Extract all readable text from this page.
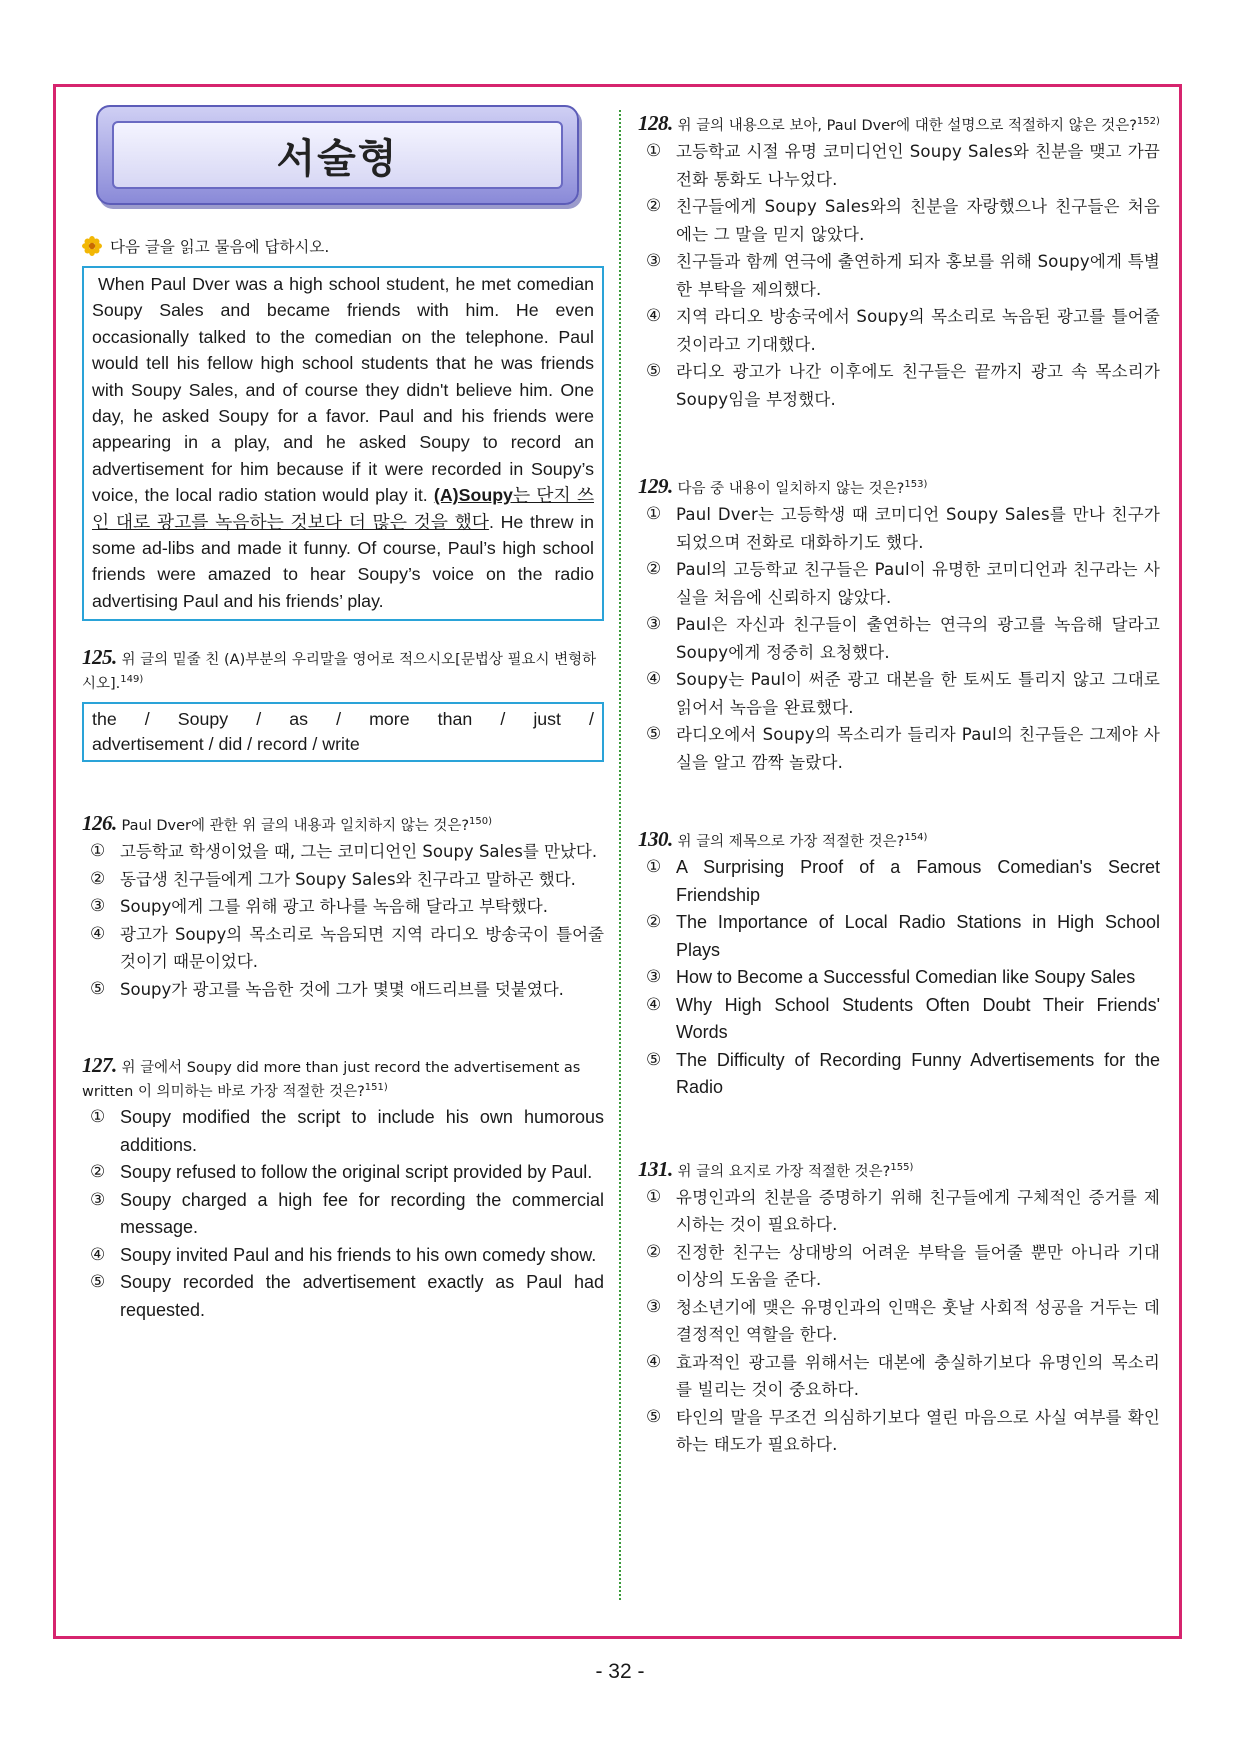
서술형
다음 글을 읽고 물음에 답하시오.
When Paul Dver was a high school student, he met comedian Soupy Sales and became friends with him. He even occasionally talked to the comedian on the telephone. Paul would tell his fellow high school students that he was friends with Soupy Sales, and of course they didn't believe him. One day, he asked Soupy for a favor. Paul and his friends were appearing in a play, and he asked Soupy to record an advertisement for him because if it were recorded in Soupy’s voice, the local radio station would play it. (A)Soupy는 단지 쓰인 대로 광고를 녹음하는 것보다 더 많은 것을 했다. He threw in some ad-libs and made it funny. Of course, Paul’s high school friends were amazed to hear Soupy’s voice on the radio advertising Paul and his friends’ play.
125. 위 글의 밑줄 친 (A)부분의 우리말을 영어로 적으시오[문법상 필요시 변형하시오].$^{149)}$
the / Soupy / as / more than / just /
advertisement / did / record / write
126. Paul Dver에 관한 위 글의 내용과 일치하지 않는 것은?$^{150)}$
① 고등학교 학생이었을 때, 그는 코미디언인 Soupy Sales를 만났다.
② 동급생 친구들에게 그가 Soupy Sales와 친구라고 말하곤 했다.
③ Soupy에게 그를 위해 광고 하나를 녹음해 달라고 부탁했다.
④ 광고가 Soupy의 목소리로 녹음되면 지역 라디오 방송국이 틀어줄 것이기 때문이었다.
⑤ Soupy가 광고를 녹음한 것에 그가 몇몇 애드리브를 덧붙였다.
127. 위 글에서 Soupy did more than just record the advertisement as written 이 의미하는 바로 가장 적절한 것은?$^{151)}$
① Soupy modified the script to include his own humorous additions.
② Soupy refused to follow the original script provided by Paul.
③ Soupy charged a high fee for recording the commercial message.
④ Soupy invited Paul and his friends to his own comedy show.
⑤ Soupy recorded the advertisement exactly as Paul had requested.
128. 위 글의 내용으로 보아, Paul Dver에 대한 설명으로 적절하지 않은 것은?$^{152)}$
① 고등학교 시절 유명 코미디언인 Soupy Sales와 친분을 맺고 가끔 전화 통화도 나누었다.
② 친구들에게 Soupy Sales와의 친분을 자랑했으나 친구들은 처음에는 그 말을 믿지 않았다.
③ 친구들과 함께 연극에 출연하게 되자 홍보를 위해 Soupy에게 특별한 부탁을 제의했다.
④ 지역 라디오 방송국에서 Soupy의 목소리로 녹음된 광고를 틀어줄 것이라고 기대했다.
⑤ 라디오 광고가 나간 이후에도 친구들은 끝까지 광고 속 목소리가 Soupy임을 부정했다.
129. 다음 중 내용이 일치하지 않는 것은?$^{153)}$
① Paul Dver는 고등학생 때 코미디언 Soupy Sales를 만나 친구가 되었으며 전화로 대화하기도 했다.
② Paul의 고등학교 친구들은 Paul이 유명한 코미디언과 친구라는 사실을 처음에 신뢰하지 않았다.
③ Paul은 자신과 친구들이 출연하는 연극의 광고를 녹음해 달라고 Soupy에게 정중히 요청했다.
④ Soupy는 Paul이 써준 광고 대본을 한 토씨도 틀리지 않고 그대로 읽어서 녹음을 완료했다.
⑤ 라디오에서 Soupy의 목소리가 들리자 Paul의 친구들은 그제야 사실을 알고 깜짝 놀랐다.
130. 위 글의 제목으로 가장 적절한 것은?$^{154)}$
① A Surprising Proof of a Famous Comedian's Secret Friendship
② The Importance of Local Radio Stations in High School Plays
③ How to Become a Successful Comedian like Soupy Sales
④ Why High School Students Often Doubt Their Friends' Words
⑤ The Difficulty of Recording Funny Advertisements for the Radio
131. 위 글의 요지로 가장 적절한 것은?$^{155)}$
① 유명인과의 친분을 증명하기 위해 친구들에게 구체적인 증거를 제시하는 것이 필요하다.
② 진정한 친구는 상대방의 어려운 부탁을 들어줄 뿐만 아니라 기대 이상의 도움을 준다.
③ 청소년기에 맺은 유명인과의 인맥은 훗날 사회적 성공을 거두는 데 결정적인 역할을 한다.
④ 효과적인 광고를 위해서는 대본에 충실하기보다 유명인의 목소리를 빌리는 것이 중요하다.
⑤ 타인의 말을 무조건 의심하기보다 열린 마음으로 사실 여부를 확인하는 태도가 필요하다.
- 32 -
